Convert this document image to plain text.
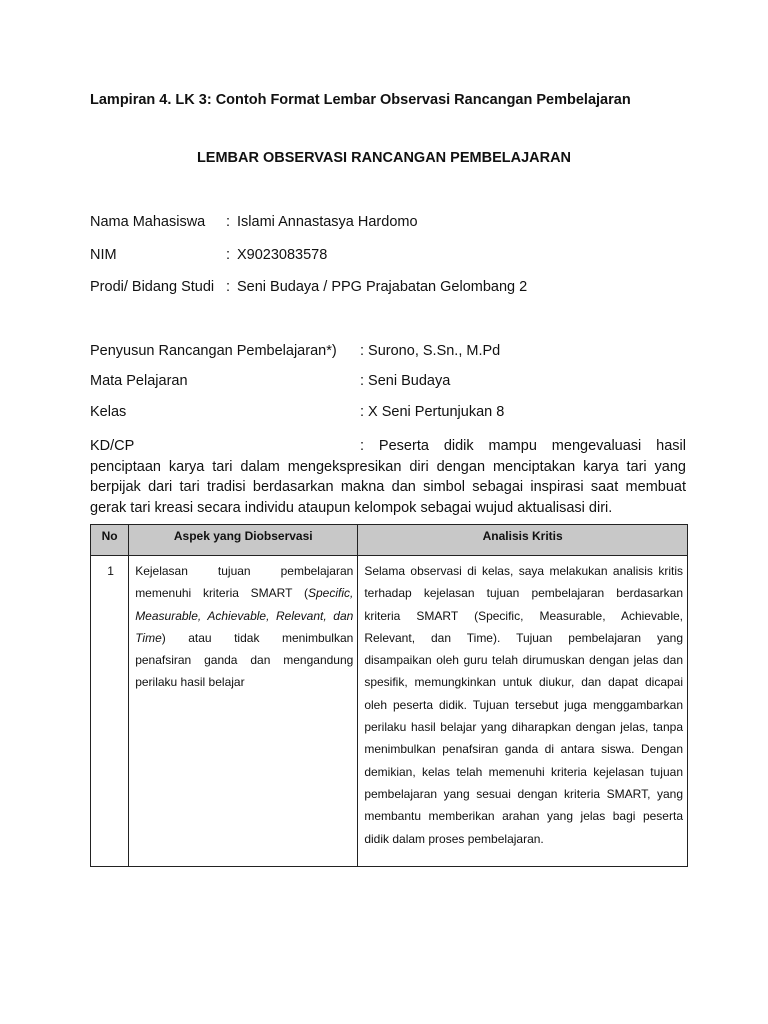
Lampiran 4. LK 3: Contoh Format Lembar Observasi Rancangan Pembelajaran
LEMBAR OBSERVASI RANCANGAN PEMBELAJARAN
Nama Mahasiswa : Islami Annastasya Hardomo
NIM	: X9023083578
Prodi/ Bidang Studi : Seni Budaya / PPG Prajabatan Gelombang 2
Penyusun Rancangan Pembelajaran*) : Surono, S.Sn., M.Pd
Mata Pelajaran	: Seni Budaya
Kelas	: X Seni Pertunjukan 8
KD/CP	: Peserta didik mampu mengevaluasi hasil penciptaan karya tari dalam mengekspresikan diri dengan menciptakan karya tari yang berpijak dari tari tradisi berdasarkan makna dan simbol sebagai inspirasi saat membuat gerak tari kreasi secara individu ataupun kelompok sebagai wujud aktualisasi diri.
No	Aspek yang Diobservasi	Analisis Kritis
1	Kejelasan tujuan pembelajaran memenuhi kriteria SMART (Specific, Measurable, Achievable, Relevant, dan Time) atau tidak menimbulkan penafsiran ganda dan mengandung perilaku hasil belajar	Selama observasi di kelas, saya melakukan analisis kritis terhadap kejelasan tujuan pembelajaran berdasarkan kriteria SMART (Specific, Measurable, Achievable, Relevant, dan Time). Tujuan pembelajaran yang disampaikan oleh guru telah dirumuskan dengan jelas dan spesifik, memungkinkan untuk diukur, dan dapat dicapai oleh peserta didik. Tujuan tersebut juga menggambarkan perilaku hasil belajar yang diharapkan dengan jelas, tanpa menimbulkan penafsiran ganda di antara siswa. Dengan demikian, kelas telah memenuhi kriteria kejelasan tujuan pembelajaran yang sesuai dengan kriteria SMART, yang membantu memberikan arahan yang jelas bagi peserta didik dalam proses pembelajaran.
